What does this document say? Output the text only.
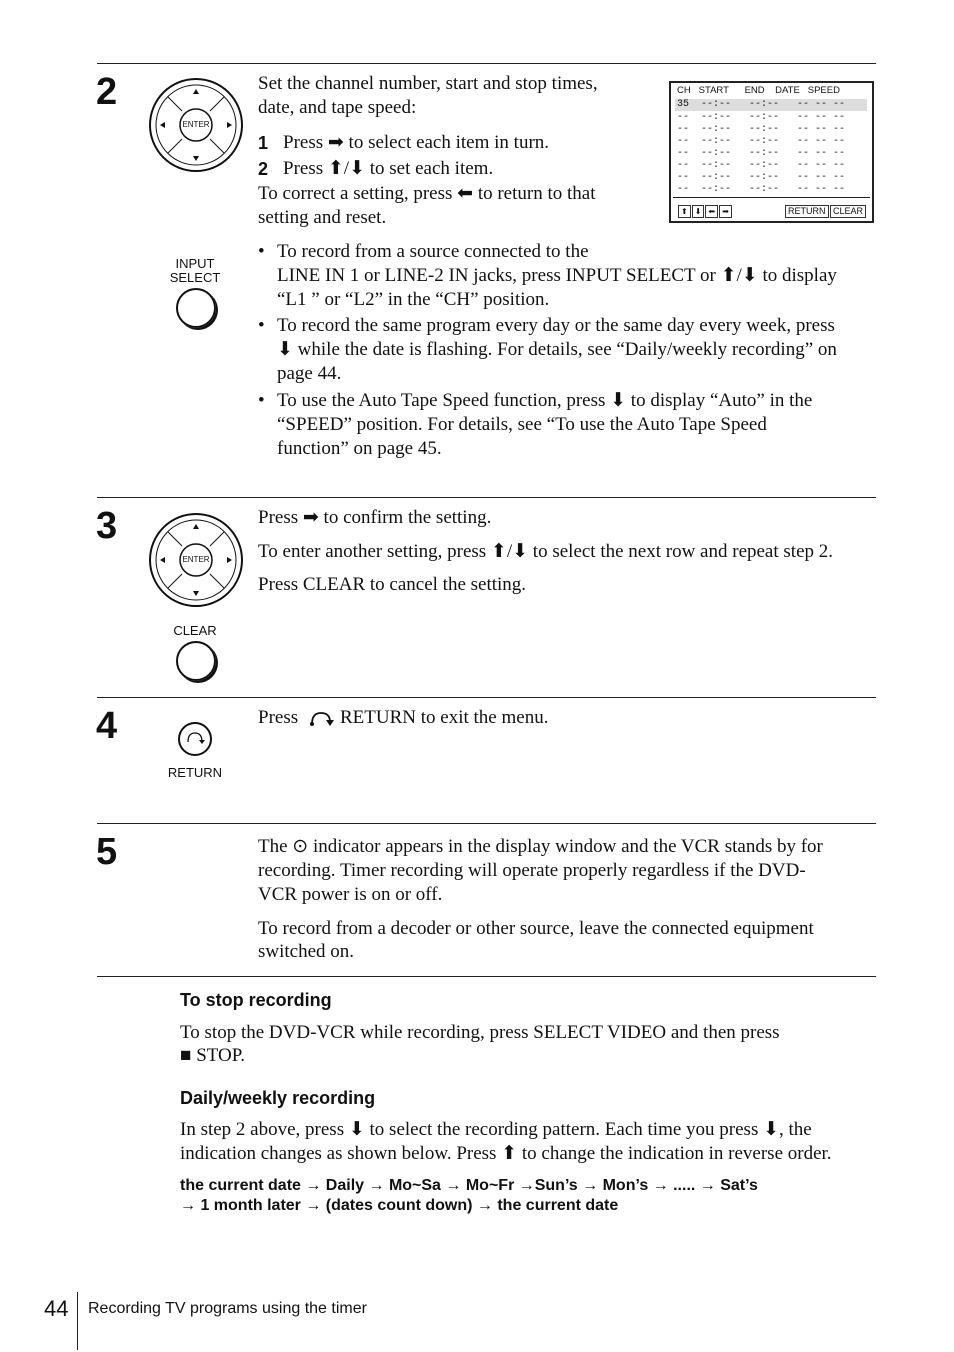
2
ENTER
Set the channel number, start and stop times,
date, and tape speed:
1 Press ➡ to select each item in turn.
2 Press ⬆/⬇ to set each item.
To correct a setting, press ⬅ to return to that
setting and reset.
CH   START      END    DATE   SPEED
35  --:--   --:--   -- -- --
--  --:--   --:--   -- -- --
--  --:--   --:--   -- -- --
--  --:--   --:--   -- -- --
--  --:--   --:--   -- -- --
--  --:--   --:--   -- -- --
--  --:--   --:--   -- -- --
--  --:--   --:--   -- -- --
⬆ ⬇ ⬅ ➡	RETURN CLEAR
INPUT
SELECT
• To record from a source connected to the
LINE IN 1 or LINE-2 IN jacks, press INPUT SELECT or ⬆/⬇ to display
“L1 ” or “L2” in the “CH” position.
• To record the same program every day or the same day every week, press
⬇ while the date is flashing. For details, see “Daily/weekly recording” on
page 44.
• To use the Auto Tape Speed function, press ⬇ to display “Auto” in the
“SPEED” position. For details, see “To use the Auto Tape Speed
function” on page 45.
3
ENTER
CLEAR
Press ➡ to confirm the setting.
To enter another setting, press ⬆/⬇ to select the next row and repeat step 2.
Press CLEAR to cancel the setting.
4
RETURN
Press RETURN to exit the menu.
5	The ⊙ indicator appears in the display window and the VCR stands by for
recording. Timer recording will operate properly regardless if the DVD-
VCR power is on or off.
To record from a decoder or other source, leave the connected equipment
switched on.
To stop recording
To stop the DVD-VCR while recording, press SELECT VIDEO and then press
■ STOP.
Daily/weekly recording
In step 2 above, press ⬇ to select the recording pattern. Each time you press ⬇, the
indication changes as shown below. Press ⬆ to change the indication in reverse order.
the current date → Daily → Mo~Sa → Mo~Fr →Sun’s → Mon’s → ..... → Sat’s
→ 1 month later → (dates count down) → the current date
44 Recording TV programs using the timer
